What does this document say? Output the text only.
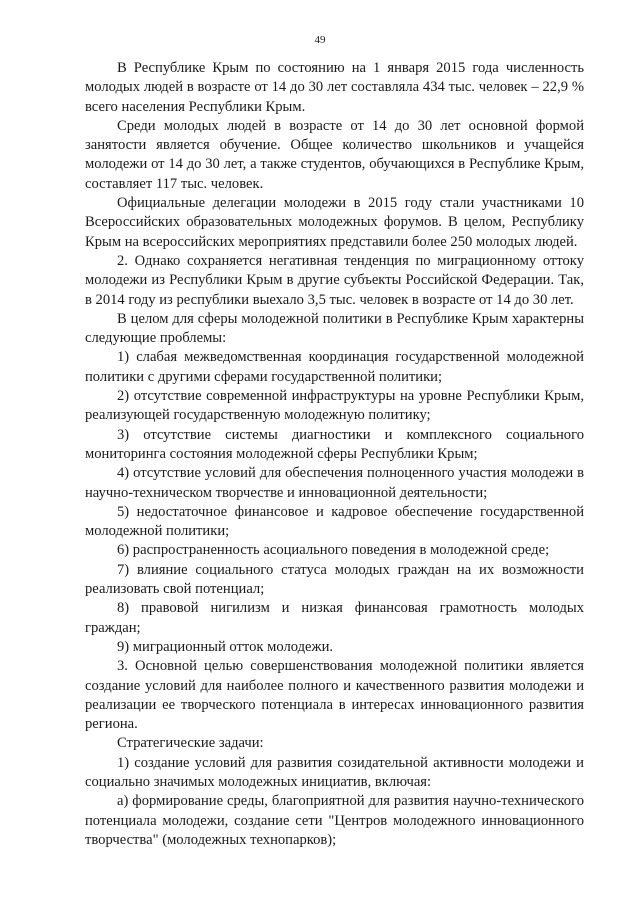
49

В Республике Крым по состоянию на 1 января 2015 года численность молодых людей в возрасте от 14 до 30 лет составляла 434 тыс. человек – 22,9 % всего населения Республики Крым.

Среди молодых людей в возрасте от 14 до 30 лет основной формой занятости является обучение. Общее количество школьников и учащейся молодежи от 14 до 30 лет, а также студентов, обучающихся в Республике Крым, составляет 117 тыс. человек.

Официальные делегации молодежи в 2015 году стали участниками 10 Всероссийских образовательных молодежных форумов. В целом, Республику Крым на всероссийских мероприятиях представили более 250 молодых людей.

2. Однако сохраняется негативная тенденция по миграционному оттоку молодежи из Республики Крым в другие субъекты Российской Федерации. Так, в 2014 году из республики выехало 3,5 тыс. человек в возрасте от 14 до 30 лет.

В целом для сферы молодежной политики в Республике Крым характерны следующие проблемы:

1) слабая межведомственная координация государственной молодежной политики с другими сферами государственной политики;

2) отсутствие современной инфраструктуры на уровне Республики Крым, реализующей государственную молодежную политику;

3) отсутствие системы диагностики и комплексного социального мониторинга состояния молодежной сферы Республики Крым;

4) отсутствие условий для обеспечения полноценного участия молодежи в научно-техническом творчестве и инновационной деятельности;

5) недостаточное финансовое и кадровое обеспечение государственной молодежной политики;

6) распространенность асоциального поведения в молодежной среде;

7) влияние социального статуса молодых граждан на их возможности реализовать свой потенциал;

8) правовой нигилизм и низкая финансовая грамотность молодых граждан;

9) миграционный отток молодежи.

3. Основной целью совершенствования молодежной политики является создание условий для наиболее полного и качественного развития молодежи и реализации ее творческого потенциала в интересах инновационного развития региона.

Стратегические задачи:

1) создание условий для развития созидательной активности молодежи и социально значимых молодежных инициатив, включая:

а) формирование среды, благоприятной для развития научно-технического потенциала молодежи, создание сети "Центров молодежного инновационного творчества" (молодежных технопарков);
